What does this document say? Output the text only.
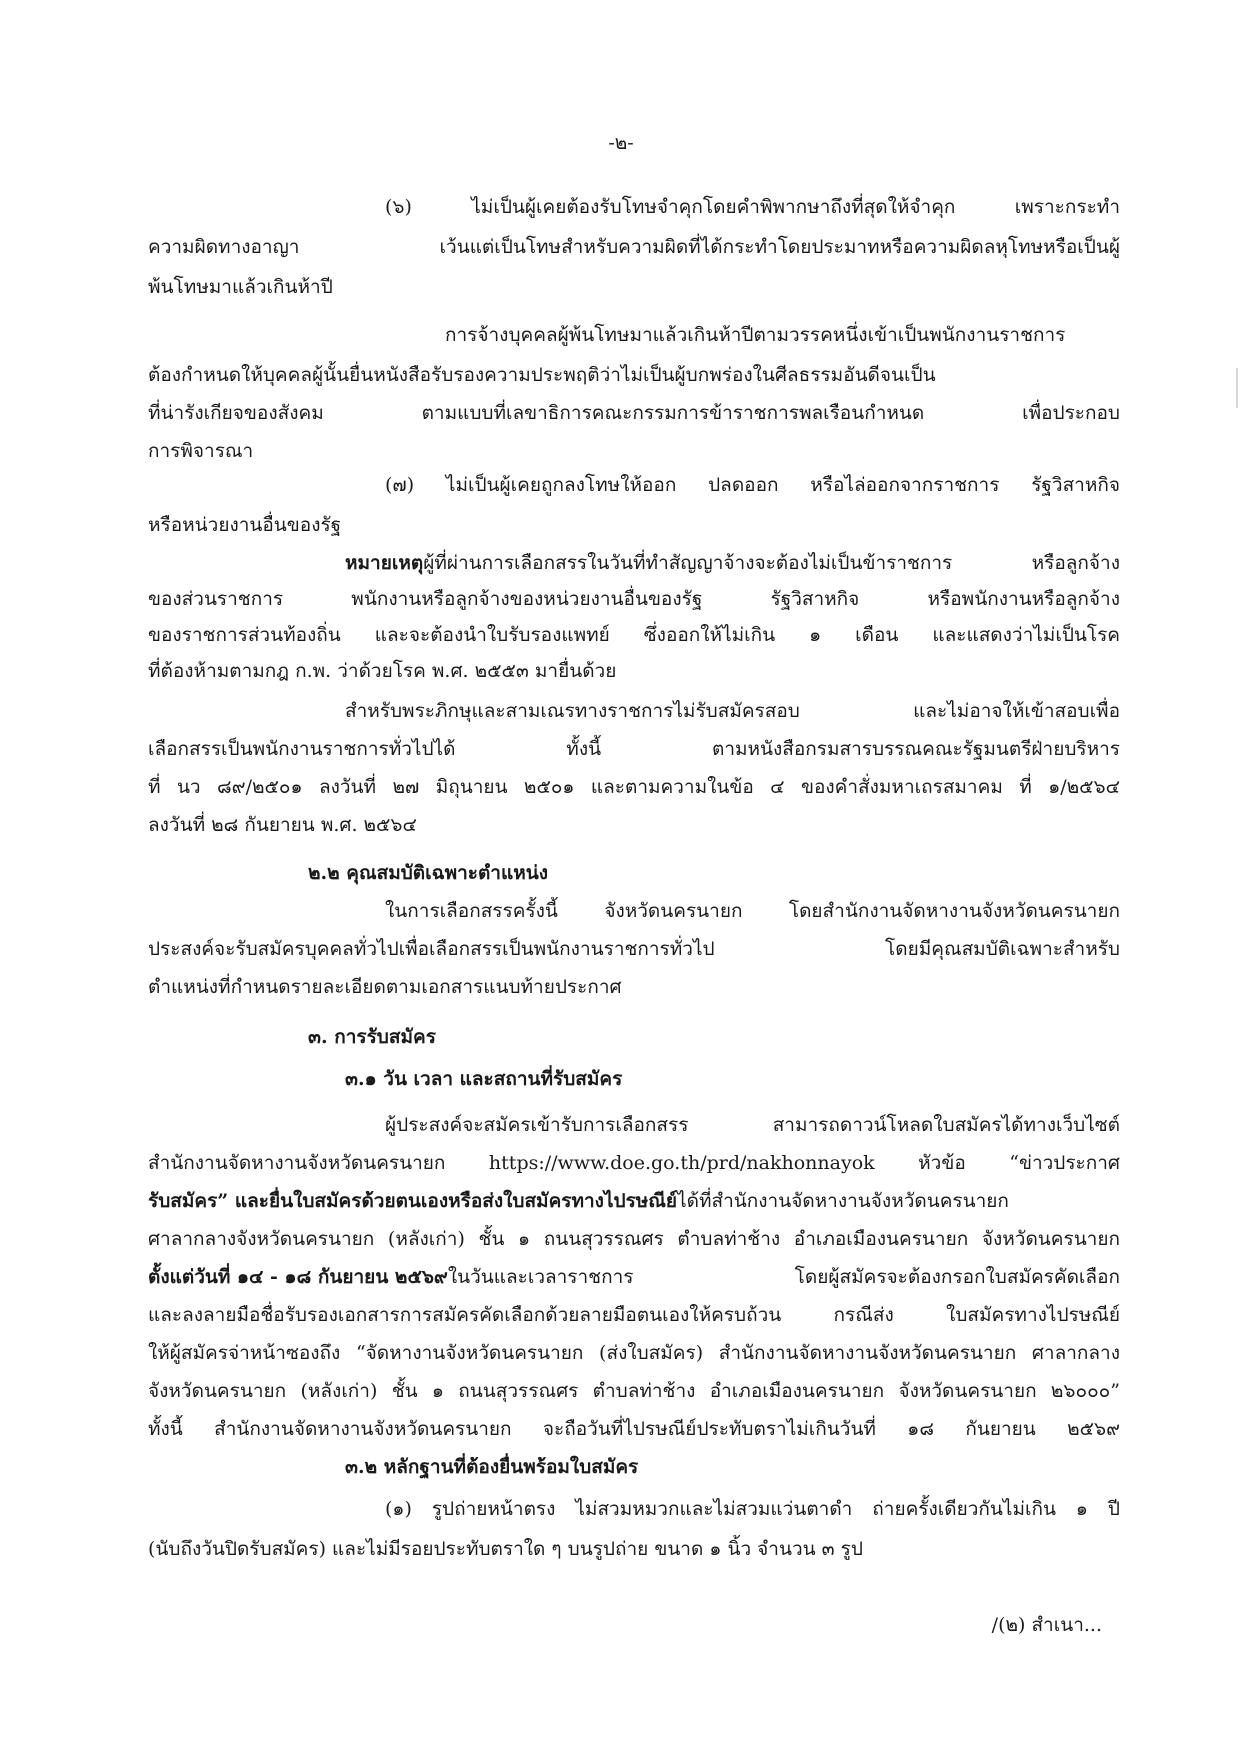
-๒-
(๖) ไม่เป็นผู้เคยต้องรับโทษจำคุกโดยคำพิพากษาถึงที่สุดให้จำคุก เพราะกระทำ
ความผิดทางอาญา เว้นแต่เป็นโทษสำหรับความผิดที่ได้กระทำโดยประมาทหรือความผิดลหุโทษหรือเป็นผู้
พ้นโทษมาแล้วเกินห้าปี
การจ้างบุคคลผู้พ้นโทษมาแล้วเกินห้าปีตามวรรคหนึ่งเข้าเป็นพนักงานราชการ
ต้องกำหนดให้บุคคลผู้นั้นยื่นหนังสือรับรองความประพฤติว่าไม่เป็นผู้บกพร่องในศีลธรรมอันดีจนเป็น
ที่น่ารังเกียจของสังคม ตามแบบที่เลขาธิการคณะกรรมการข้าราชการพลเรือนกำหนด เพื่อประกอบ
การพิจารณา
(๗) ไม่เป็นผู้เคยถูกลงโทษให้ออก ปลดออก หรือไล่ออกจากราชการ รัฐวิสาหกิจ
หรือหน่วยงานอื่นของรัฐ
หมายเหตุ ผู้ที่ผ่านการเลือกสรรในวันที่ทำสัญญาจ้างจะต้องไม่เป็นข้าราชการ หรือลูกจ้าง
ของส่วนราชการ พนักงานหรือลูกจ้างของหน่วยงานอื่นของรัฐ รัฐวิสาหกิจ หรือพนักงานหรือลูกจ้าง
ของราชการส่วนท้องถิ่น และจะต้องนำใบรับรองแพทย์ ซึ่งออกให้ไม่เกิน ๑ เดือน และแสดงว่าไม่เป็นโรค
ที่ต้องห้ามตามกฎ ก.พ. ว่าด้วยโรค พ.ศ. ๒๕๕๓ มายื่นด้วย
สำหรับพระภิกษุและสามเณรทางราชการไม่รับสมัครสอบ และไม่อาจให้เข้าสอบเพื่อ
เลือกสรรเป็นพนักงานราชการทั่วไปได้ ทั้งนี้ ตามหนังสือกรมสารบรรณคณะรัฐมนตรีฝ่ายบริหาร
ที่ นว ๘๙/๒๕๐๑ ลงวันที่ ๒๗ มิถุนายน ๒๕๐๑ และตามความในข้อ ๔ ของคำสั่งมหาเถรสมาคม ที่ ๑/๒๕๖๔
ลงวันที่ ๒๘ กันยายน พ.ศ. ๒๕๖๔
๒.๒ คุณสมบัติเฉพาะตำแหน่ง
ในการเลือกสรรครั้งนี้ จังหวัดนครนายก โดยสำนักงานจัดหางานจังหวัดนครนายก
ประสงค์จะรับสมัครบุคคลทั่วไปเพื่อเลือกสรรเป็นพนักงานราชการทั่วไป โดยมีคุณสมบัติเฉพาะสำหรับ
ตำแหน่งที่กำหนดรายละเอียดตามเอกสารแนบท้ายประกาศ
๓. การรับสมัคร
๓.๑ วัน เวลา และสถานที่รับสมัคร
ผู้ประสงค์จะสมัครเข้ารับการเลือกสรร สามารถดาวน์โหลดใบสมัครได้ทางเว็บไซต์
สำนักงานจัดหางานจังหวัดนครนายก https://www.doe.go.th/prd/nakhonnayok หัวข้อ “ข่าวประกาศ
รับสมัคร” และ ยื่นใบสมัครด้วยตนเองหรือส่งใบสมัครทางไปรษณีย์ ได้ที่สำนักงานจัดหางานจังหวัดนครนายก
ศาลากลางจังหวัดนครนายก (หลังเก่า) ชั้น ๑ ถนนสุวรรณศร ตำบลท่าช้าง อำเภอเมืองนครนายก จังหวัดนครนายก
ตั้งแต่วันที่ ๑๔ - ๑๘ กันยายน ๒๕๖๙ ในวันและเวลาราชการ โดยผู้สมัครจะต้องกรอกใบสมัครคัดเลือก
และลงลายมือชื่อรับรองเอกสารการสมัครคัดเลือกด้วยลายมือตนเองให้ครบถ้วน กรณีส่ง ใบสมัครทางไปรษณีย์
ให้ผู้สมัครจ่าหน้าซองถึง “จัดหางานจังหวัดนครนายก (ส่งใบสมัคร) สำนักงานจัดหางานจังหวัดนครนายก ศาลากลาง
จังหวัดนครนายก (หลังเก่า) ชั้น ๑ ถนนสุวรรณศร ตำบลท่าช้าง อำเภอเมืองนครนายก จังหวัดนครนายก ๒๖๐๐๐”
ทั้งนี้ สำนักงานจัดหางานจังหวัดนครนายก จะถือวันที่ไปรษณีย์ประทับตราไม่เกินวันที่ ๑๘ กันยายน ๒๕๖๙
๓.๒ หลักฐานที่ต้องยื่นพร้อมใบสมัคร
(๑) รูปถ่ายหน้าตรง ไม่สวมหมวกและไม่สวมแว่นตาดำ ถ่ายครั้งเดียวกันไม่เกิน ๑ ปี
(นับถึงวันปิดรับสมัคร) และไม่มีรอยประทับตราใด ๆ บนรูปถ่าย ขนาด ๑ นิ้ว จำนวน ๓ รูป
/(๒) สำเนา...
